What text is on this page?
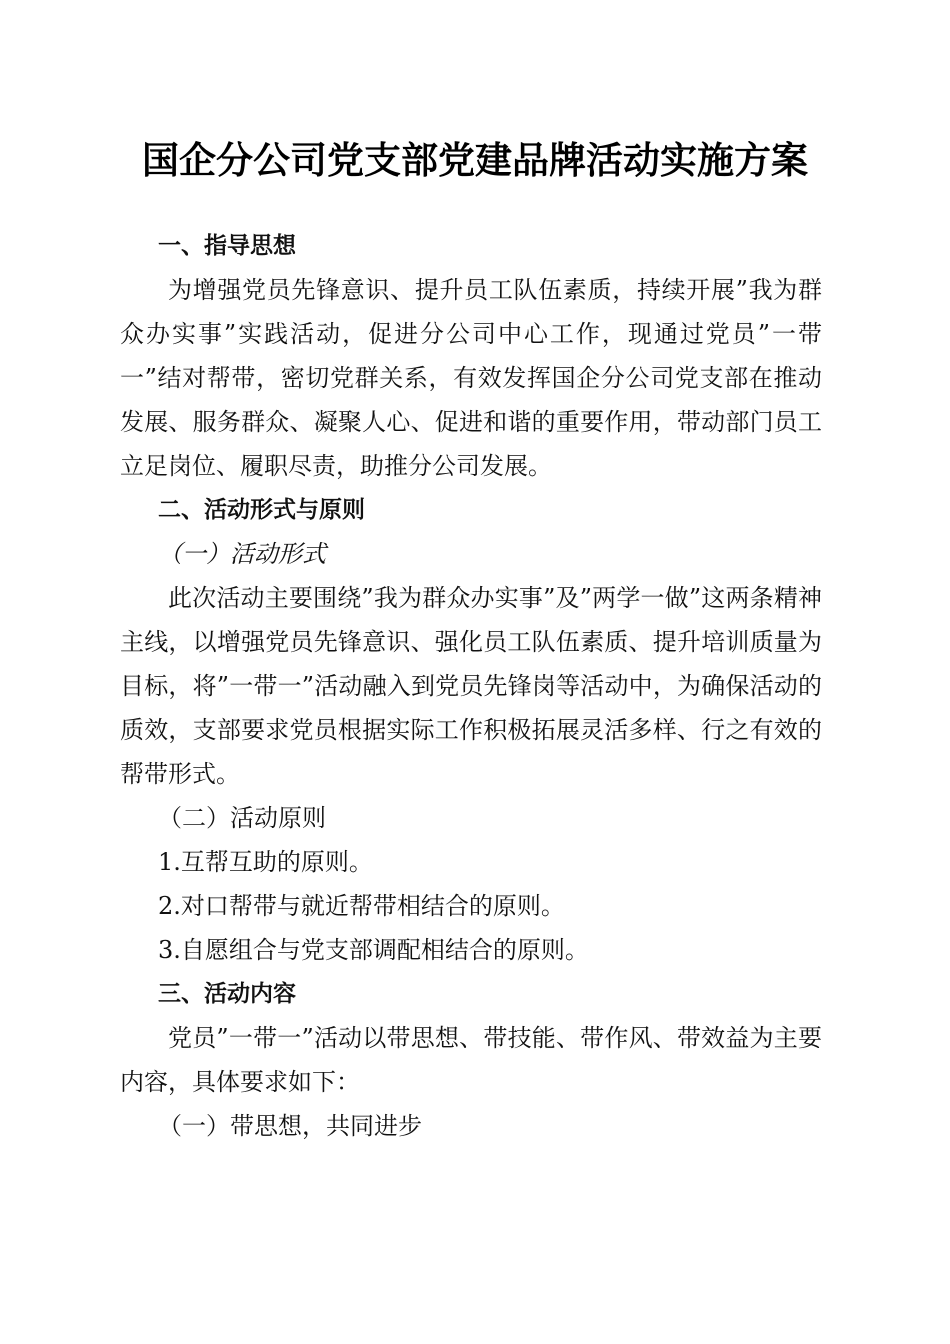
国企分公司党支部党建品牌活动实施方案
一、指导思想

为增强党员先锋意识、提升员工队伍素质，持续开展”我为群众办实事”实践活动，促进分公司中心工作，现通过党员”一带一”结对帮带，密切党群关系，有效发挥国企分公司党支部在推动发展、服务群众、凝聚人心、促进和谐的重要作用，带动部门员工立足岗位、履职尽责，助推分公司发展。

二、活动形式与原则
（一）活动形式

此次活动主要围绕”我为群众办实事”及”两学一做”这两条精神主线，以增强党员先锋意识、强化员工队伍素质、提升培训质量为目标，将”一带一”活动融入到党员先锋岗等活动中，为确保活动的质效，支部要求党员根据实际工作积极拓展灵活多样、行之有效的帮带形式。

（二）活动原则
1.互帮互助的原则。
2.对口帮带与就近帮带相结合的原则。
3.自愿组合与党支部调配相结合的原则。
三、活动内容

党员”一带一”活动以带思想、带技能、带作风、带效益为主要内容，具体要求如下：

（一）带思想，共同进步
